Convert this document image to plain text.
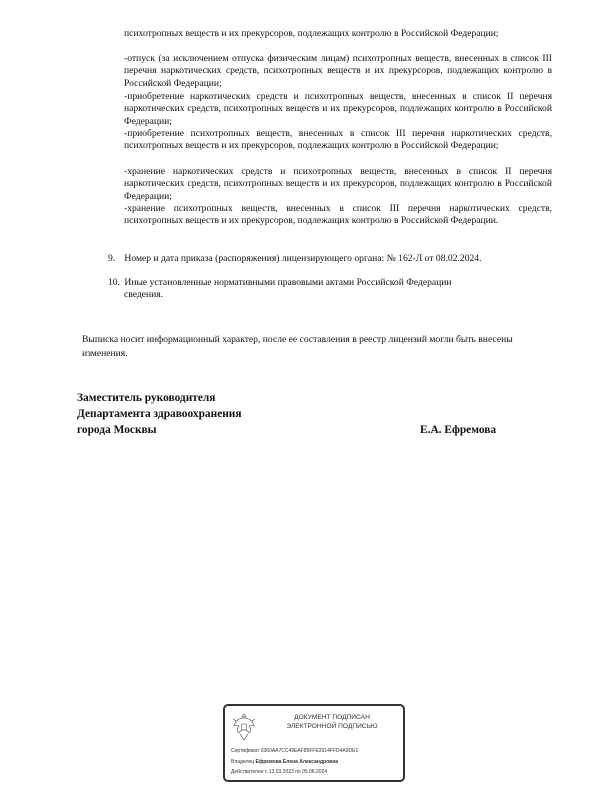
психотропных веществ и их прекурсоров, подлежащих контролю в Российской Федерации;

-отпуск (за исключением отпуска физическим лицам) психотропных веществ, внесенных в список III перечня наркотических средств, психотропных веществ и их прекурсоров, подлежащих контролю в Российской Федерации;

-приобретение наркотических средств и психотропных веществ, внесенных в список II перечня наркотических средств, психотропных веществ и их прекурсоров, подлежащих контролю в Российской Федерации;

-приобретение психотропных веществ, внесенных в список III перечня наркотических средств, психотропных веществ и их прекурсоров, подлежащих контролю в Российской Федерации;

-хранение наркотических средств и психотропных веществ, внесенных в список II перечня наркотических средств, психотропных веществ и их прекурсоров, подлежащих контролю в Российской Федерации;

-хранение психотропных веществ, внесенных в список III перечня наркотических средств, психотропных веществ и их прекурсоров, подлежащих контролю в Российской Федерации.

9. Номер и дата приказа (распоряжения) лицензирующего органа: № 162-Л от 08.02.2024.
10. Иные установленные нормативными правовыми актами Российской Федерации
сведения.

Выписка носит информационный характер, после ее составления в реестр лицензий могли быть внесены изменения.

Заместитель руководителя
Департамента здравоохранения
города Москвы	Е.А. Ефремова
ДОКУМЕНТ ПОДПИСАН
ЭЛЕКТРОННОЙ ПОДПИСЬЮ
Сертификат 0360AA7CC49EAF85FFE3914FFD4A9DE1
Владелец Ефремова Елена Александровна
Действителен с 13.03.2023 по 05.06.2024
